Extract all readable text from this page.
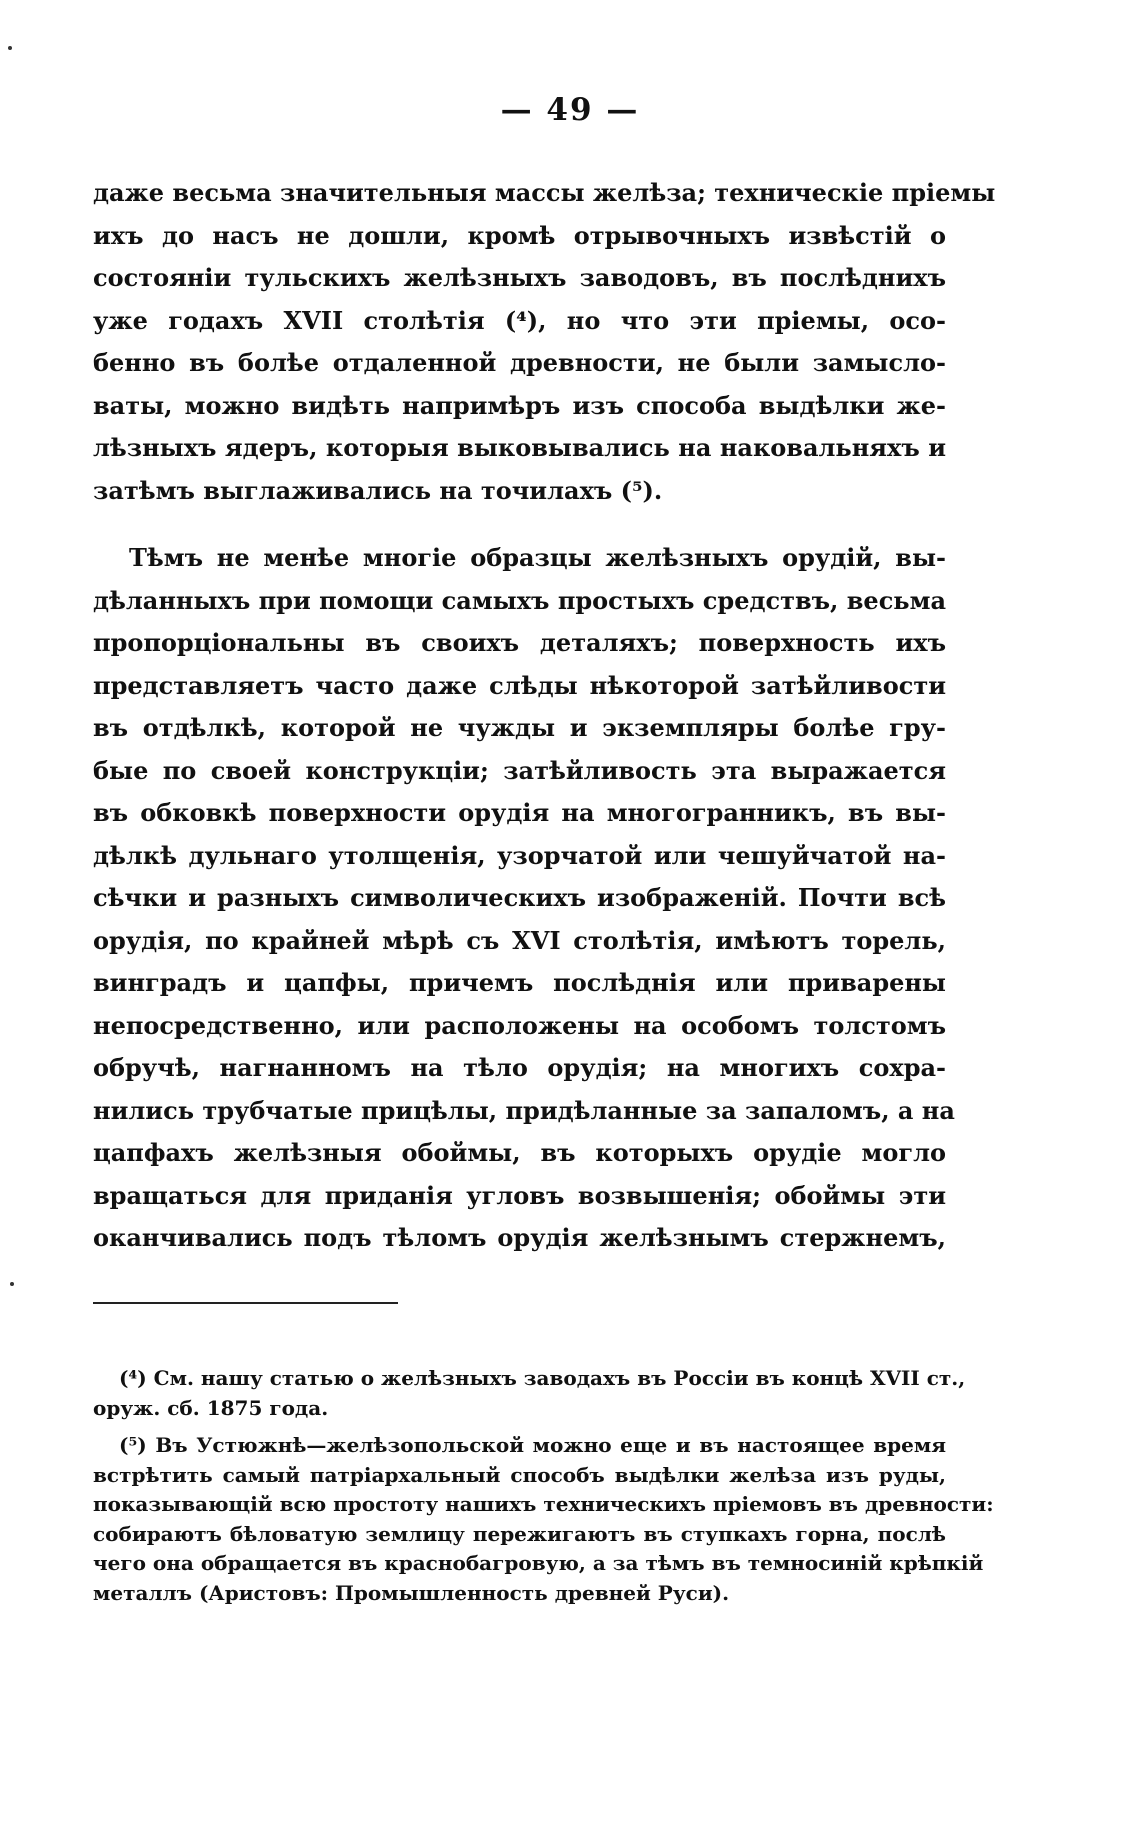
— 49 —
даже весьма значительныя массы желѣза; техническіе пріемы
ихъ до насъ не дошли, кромѣ отрывочныхъ извѣстій о
состояніи тульскихъ желѣзныхъ заводовъ, въ послѣднихъ
уже годахъ XVII столѣтія (⁴), но что эти пріемы, осо-
бенно въ болѣе отдаленной древности, не были замысло-
ваты, можно видѣть напримѣръ изъ способа выдѣлки же-
лѣзныхъ ядеръ, которыя выковывались на наковальняхъ и
затѣмъ выглаживались на точилахъ (⁵).
Тѣмъ не менѣе многіе образцы желѣзныхъ орудій, вы-
дѣланныхъ при помощи самыхъ простыхъ средствъ, весьма
пропорціональны въ своихъ деталяхъ; поверхность ихъ
представляетъ часто даже слѣды нѣкоторой затѣйливости
въ отдѣлкѣ, которой не чужды и экземпляры болѣе гру-
бые по своей конструкціи; затѣйливость эта выражается
въ обковкѣ поверхности орудія на многогранникъ, въ вы-
дѣлкѣ дульнаго утолщенія, узорчатой или чешуйчатой на-
сѣчки и разныхъ символическихъ изображеній. Почти всѣ
орудія, по крайней мѣрѣ съ XVI столѣтія, имѣютъ торель,
винградъ и цапфы, причемъ послѣднія или приварены
непосредственно, или расположены на особомъ толстомъ
обручѣ, нагнанномъ на тѣло орудія; на многихъ сохра-
нились трубчатые прицѣлы, придѣланные за запаломъ, а на
цапфахъ желѣзныя обоймы, въ которыхъ орудіе могло
вращаться для приданія угловъ возвышенія; обоймы эти
оканчивались подъ тѣломъ орудія желѣзнымъ стержнемъ,
(⁴) См. нашу статью о желѣзныхъ заводахъ въ Россіи въ концѣ XVII ст.,
оруж. сб. 1875 года.
(⁵) Въ Устюжнѣ—желѣзопольской можно еще и въ настоящее время
встрѣтить самый патріархальный способъ выдѣлки желѣза изъ руды,
показывающій всю простоту нашихъ техническихъ пріемовъ въ древности:
собираютъ бѣловатую землицу пережигаютъ въ ступкахъ горна, послѣ
чего она обращается въ краснобагровую, а за тѣмъ въ темносиній крѣпкій
металлъ (Аристовъ: Промышленность древней Руси).
